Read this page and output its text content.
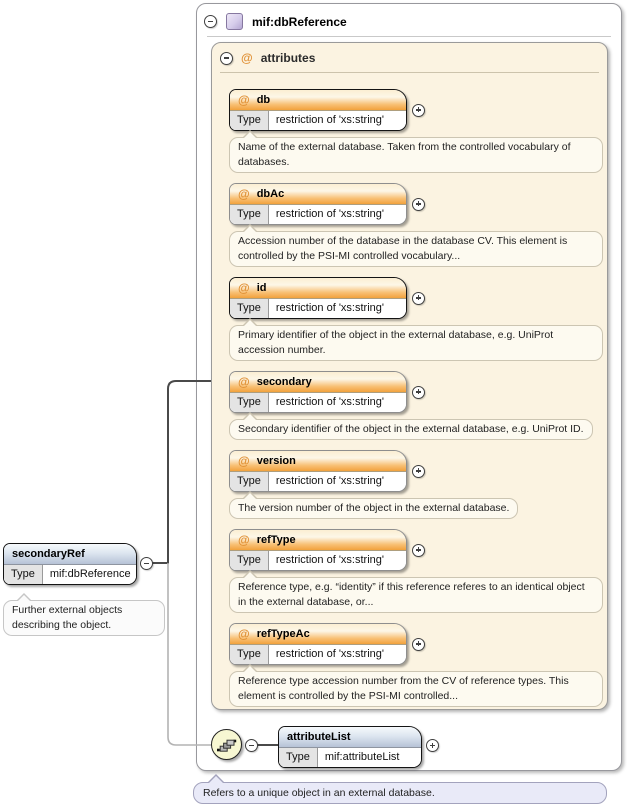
mif:dbReference
@ attributes
@ db
Type	restriction of 'xs:string'
Name of the external database. Taken from the controlled vocabulary of databases.
@ dbAc
Type	restriction of 'xs:string'
Accession number of the database in the database CV. This element is controlled by the PSI-MI controlled vocabulary...
@ id
Type	restriction of 'xs:string'
Primary identifier of the object in the external database, e.g. UniProt accession number.
@ secondary
Type	restriction of 'xs:string'
Secondary identifier of the object in the external database, e.g. UniProt ID.
@ version
Type	restriction of 'xs:string'
The version number of the object in the external database.
@ refType
Type	restriction of 'xs:string'
Reference type, e.g. “identity” if this reference referes to an identical object in the external database, or...
@ refTypeAc
Type	restriction of 'xs:string'
Reference type accession number from the CV of reference types. This element is controlled by the PSI-MI controlled...
attributeList
Type	mif:attributeList
secondaryRef
Type	mif:dbReference
Further external objects describing the object.
Refers to a unique object in an external database.
